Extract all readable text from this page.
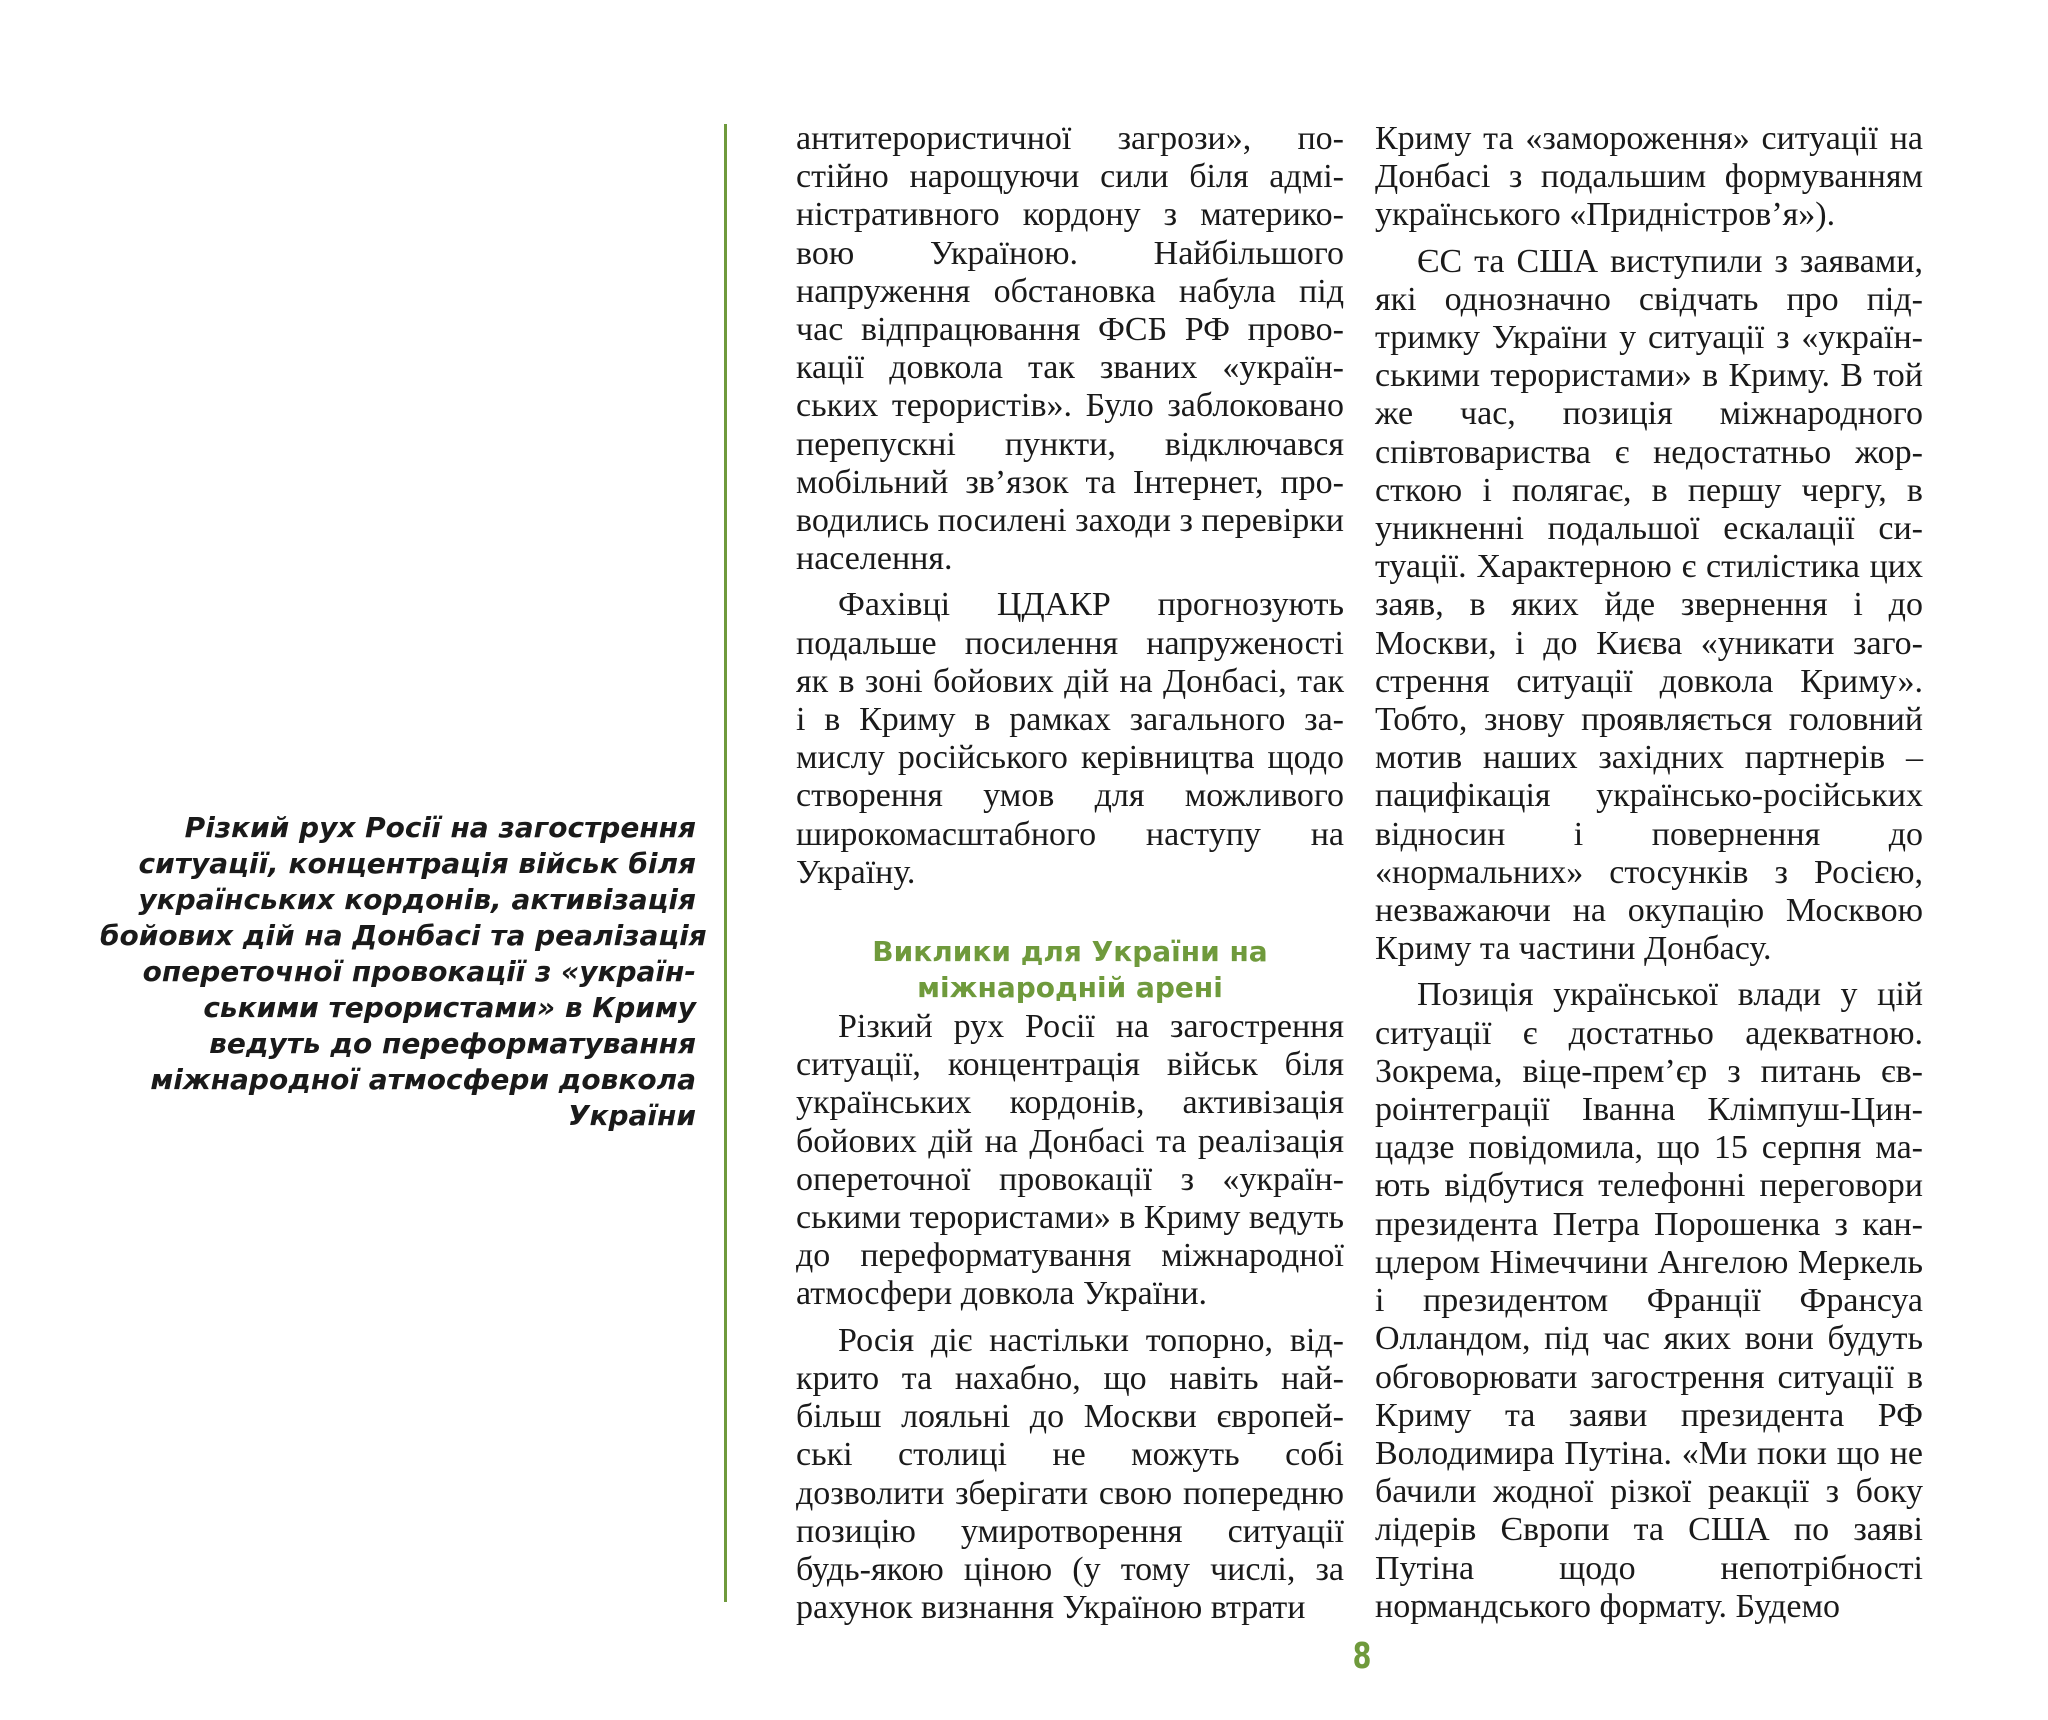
Різкий рух Росії на загострення
ситуації, концентрація військ біля
українських кордонів, активізація
бойових дій на Донбасі та реалізація
опереточної провокації з «україн-
ськими терористами» в Криму
ведуть до переформатування
міжнародної атмосфери довкола
України

антитерористичної загрози», постійно нарощуючи сили біля адміністративного кордону з материковою Україною. Найбільшого напруження обстановка набула під час відпрацювання ФСБ РФ провокації довкола так званих «українських терористів». Було заблоковано перепускні пункти, відключався мобільний зв’язок та Інтернет, проводились посилені заходи з перевірки населення.

Фахівці ЦДАКР прогнозують подальше посилення напруженості як в зоні бойових дій на Донбасі, так і в Криму в рамках загального замислу російського керівництва щодо створення умов для можливого широкомасштабного наступу на Україну.

Виклики для України на
міжнародній арені

Різкий рух Росії на загострення ситуації, концентрація військ біля українських кордонів, активізація бойових дій на Донбасі та реалізація опереточної провокації з «українськими терористами» в Криму ведуть до переформатування міжнародної атмосфери довкола України.

Росія діє настільки топорно, відкрито та нахабно, що навіть найбільш лояльні до Москви європейські столиці не можуть собі дозволити зберігати свою попередню позицію умиротворення ситуації будь-якою ціною (у тому числі, за рахунок визнання Україною втрати

Криму та «замороження» ситуації на Донбасі з подальшим формуванням українського «Придністров’я»).

ЄС та США виступили з заявами, які однозначно свідчать про підтримку України у ситуації з «українськими терористами» в Криму. В той же час, позиція міжнародного співтовариства є недостатньо жорсткою і полягає, в першу чергу, в уникненні подальшої ескалації ситуації. Характерною є стилістика цих заяв, в яких йде звернення і до Москви, і до Києва «уникати загострення ситуації довкола Криму». Тобто, знову проявляється головний мотив наших західних партнерів – пацифікація українсько-російських відносин і повернення до «нормальних» стосунків з Росією, незважаючи на окупацію Москвою Криму та частини Донбасу.

Позиція української влади у цій ситуації є достатньо адекватною. Зокрема, віце-прем’єр з питань євроінтеграції Іванна Клімпуш-Цинцадзе повідомила, що 15 серпня мають відбутися телефонні переговори президента Петра Порошенка з канцлером Німеччини Ангелою Меркель і президентом Франції Франсуа Олландом, під час яких вони будуть обговорювати загострення ситуації в Криму та заяви президента РФ Володимира Путіна. «Ми поки що не бачили жодної різкої реакції з боку лідерів Європи та США по заяві Путіна щодо непотрібності нормандського формату. Будемо

8
